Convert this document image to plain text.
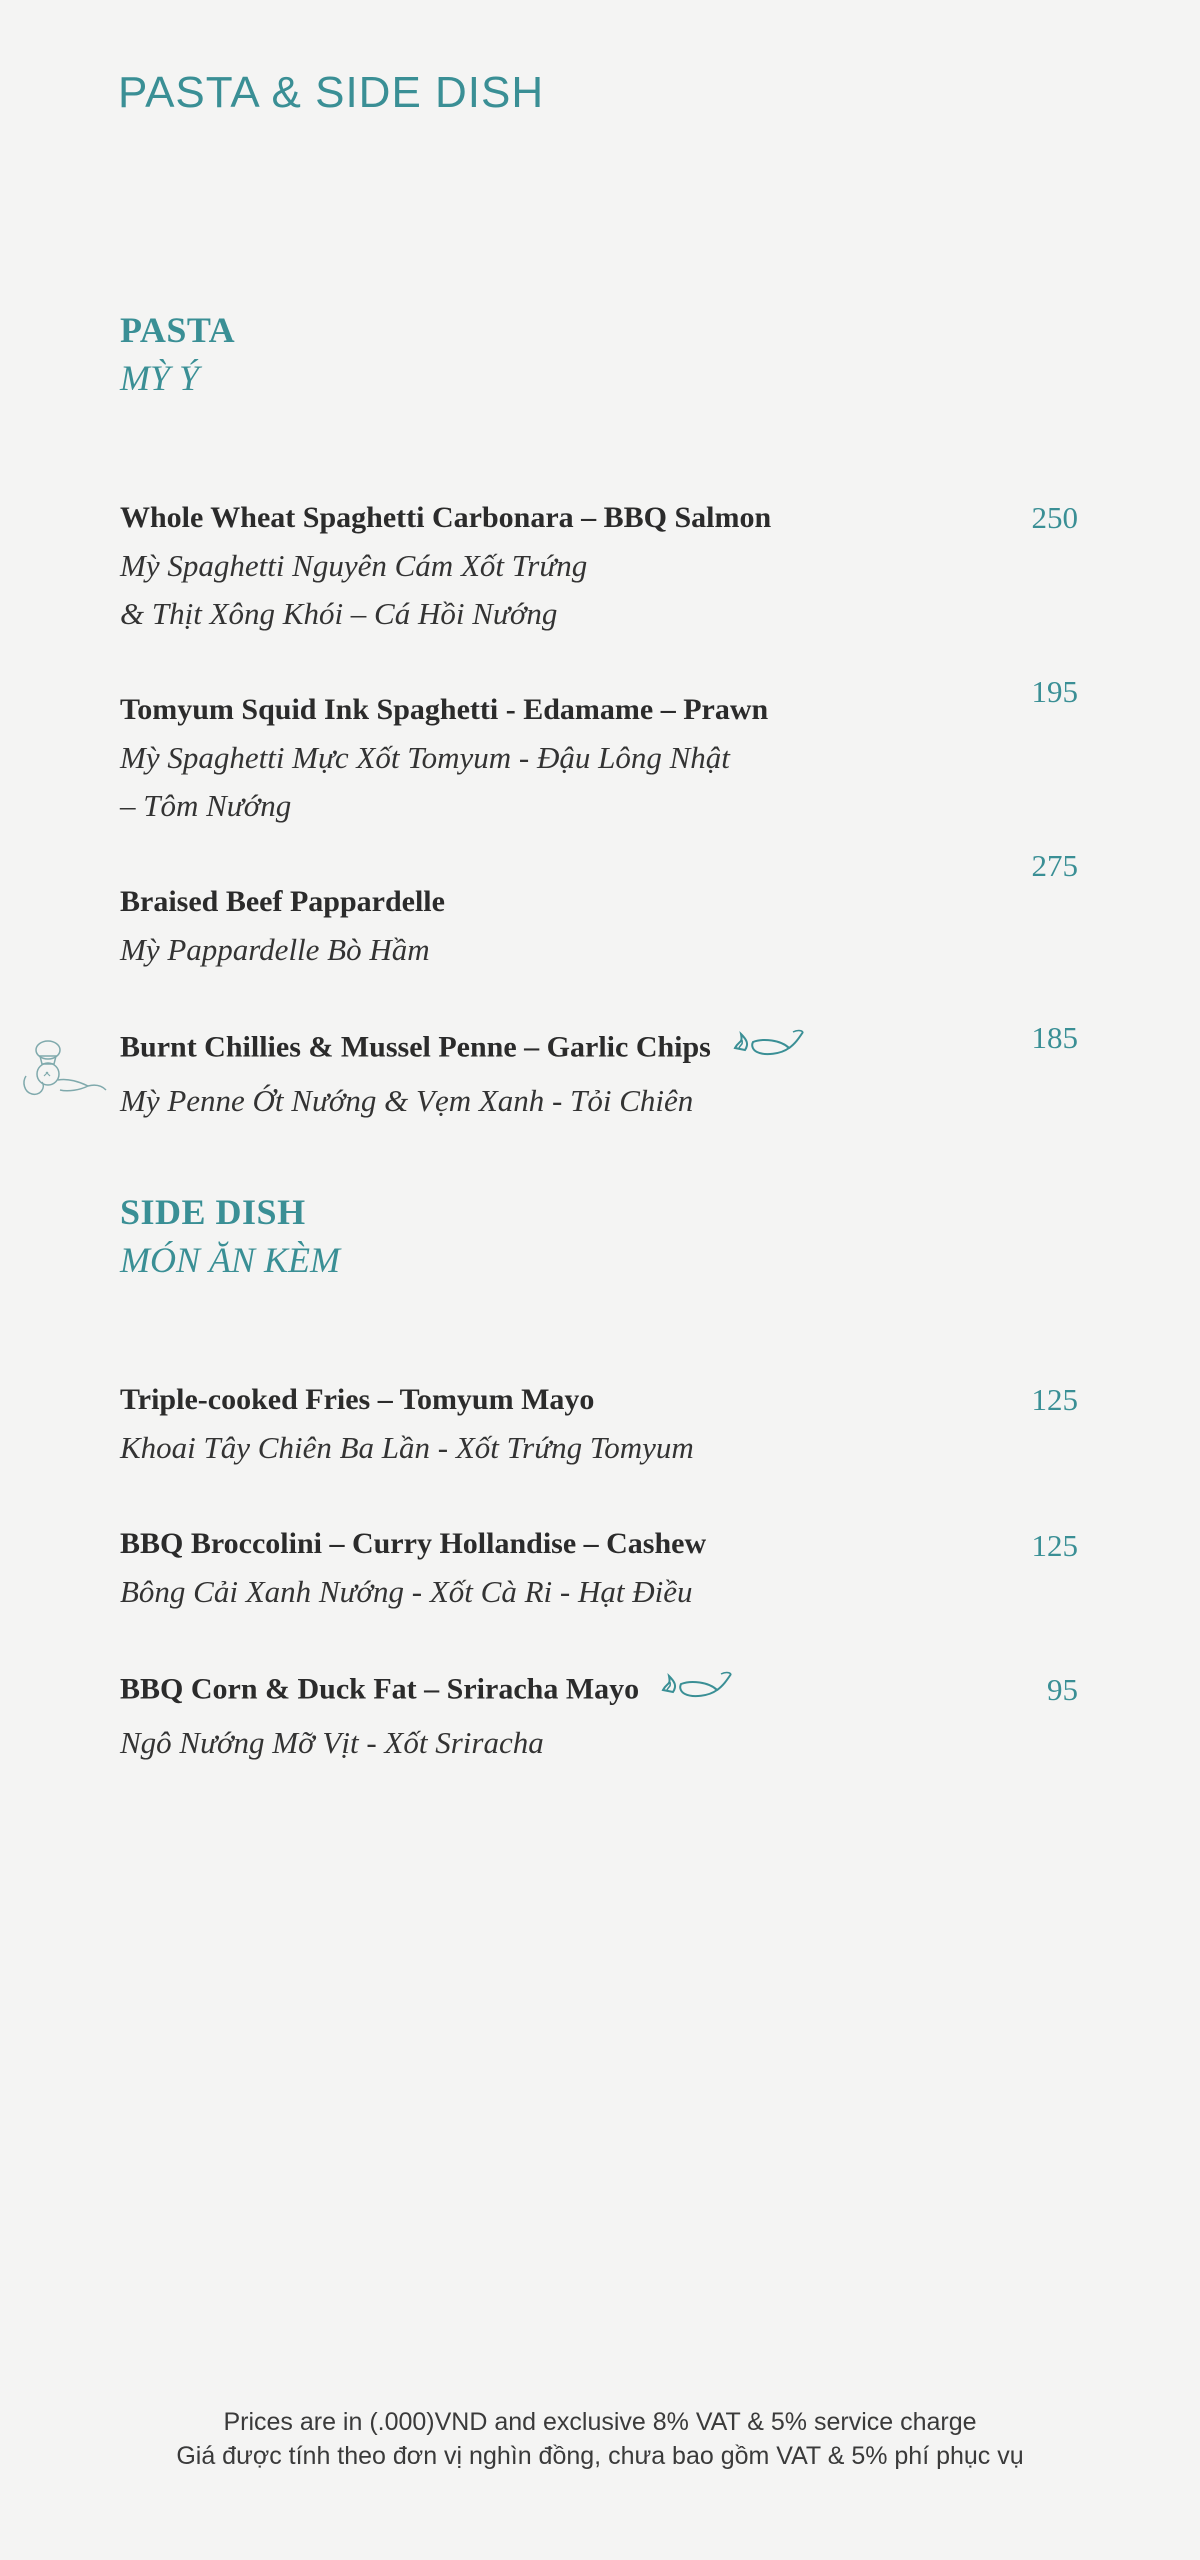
PASTA & SIDE DISH
PASTA
MỲ Ý
Whole Wheat Spaghetti Carbonara – BBQ Salmon
Mỳ Spaghetti Nguyên Cám Xốt Trứng
& Thịt Xông Khói – Cá Hồi Nướng
250
Tomyum Squid Ink Spaghetti - Edamame – Prawn
Mỳ Spaghetti Mực Xốt Tomyum - Đậu Lông Nhật
– Tôm Nướng
195
Braised Beef Pappardelle
Mỳ Pappardelle Bò Hầm
275
Burnt Chillies & Mussel Penne – Garlic Chips
Mỳ Penne Ớt Nướng & Vẹm Xanh - Tỏi Chiên
185
SIDE DISH
MÓN ĂN KÈM
Triple-cooked Fries – Tomyum Mayo
Khoai Tây Chiên Ba Lần - Xốt Trứng Tomyum
125
BBQ Broccolini – Curry Hollandise – Cashew
Bông Cải Xanh Nướng - Xốt Cà Ri - Hạt Điều
125
BBQ Corn & Duck Fat – Sriracha Mayo
Ngô Nướng Mỡ Vịt - Xốt Sriracha
95
Prices are in (.000)VND and exclusive 8% VAT & 5% service charge
Giá được tính theo đơn vị nghìn đồng, chưa bao gồm VAT & 5% phí phục vụ
